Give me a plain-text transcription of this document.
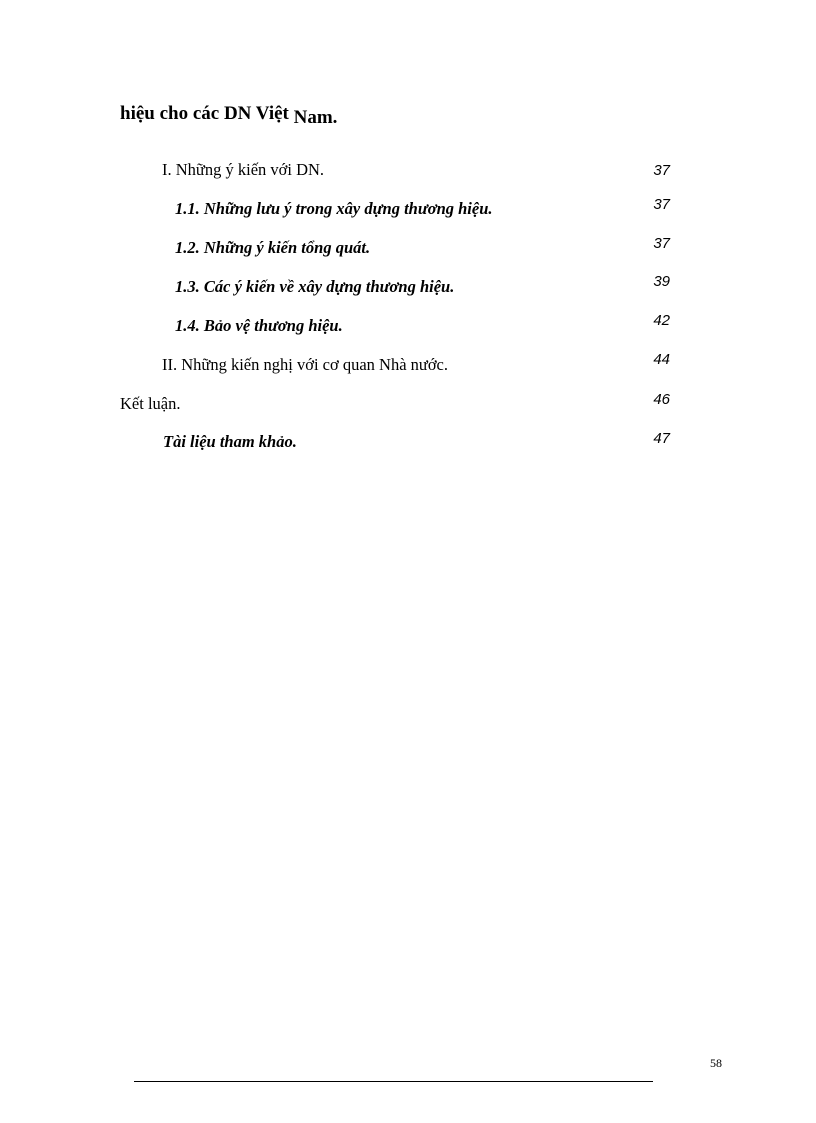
hiệu cho các DN Việt Nam.
I. Những ý kiến với DN.	37
1.1. Những lưu ý trong xây dựng thương hiệu.	37
1.2. Những ý kiến tổng quát.	37
1.3. Các ý kiến về xây dựng thương hiệu.	39
1.4. Bảo vệ thương hiệu.	42
II. Những kiến nghị với cơ quan Nhà nước.	44
Kết luận.	46
Tài liệu tham khảo.	47
58
